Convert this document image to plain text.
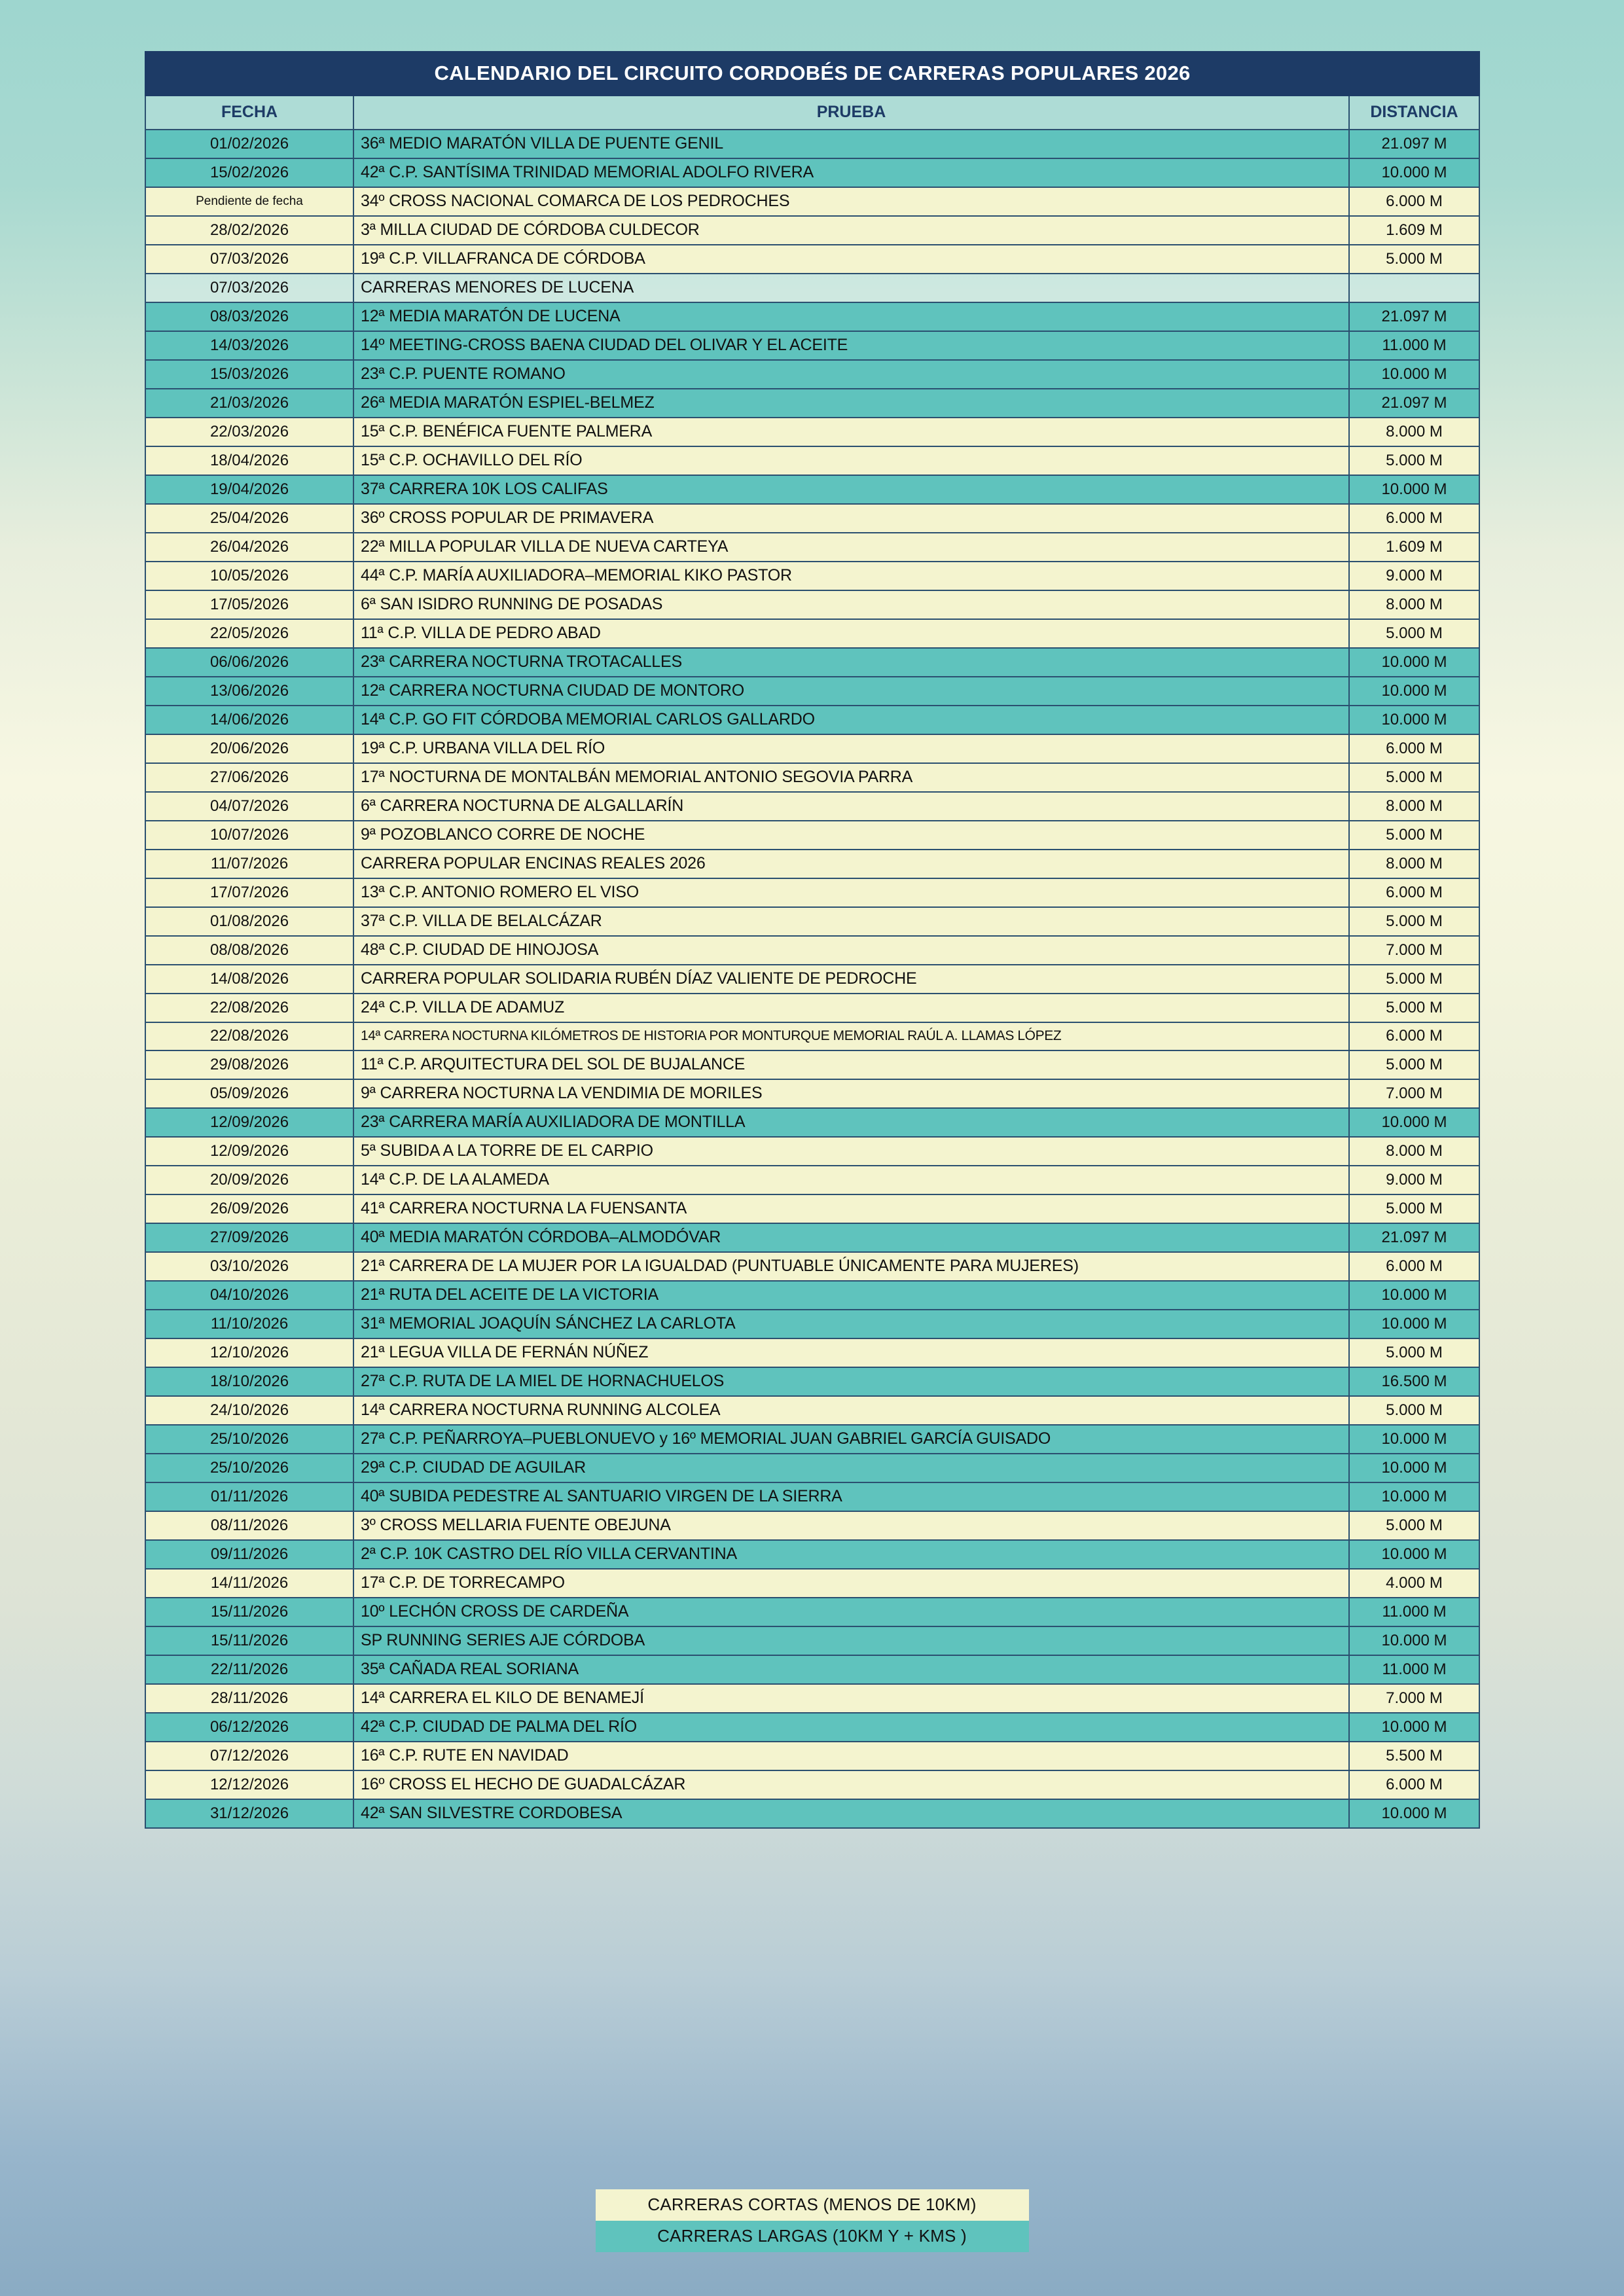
CALENDARIO DEL CIRCUITO CORDOBÉS DE CARRERAS POPULARES 2026		
FECHA	PRUEBA	DISTANCIA
01/02/2026	36ª MEDIO MARATÓN VILLA DE PUENTE GENIL	21.097 M
15/02/2026	42ª C.P. SANTÍSIMA TRINIDAD MEMORIAL ADOLFO RIVERA	10.000 M
Pendiente de fecha	34º CROSS NACIONAL COMARCA DE LOS PEDROCHES	6.000 M
28/02/2026	3ª MILLA CIUDAD DE CÓRDOBA CULDECOR	1.609 M
07/03/2026	19ª C.P. VILLAFRANCA DE CÓRDOBA	5.000 M
07/03/2026	CARRERAS MENORES DE LUCENA	
08/03/2026	12ª MEDIA MARATÓN DE LUCENA	21.097 M
14/03/2026	14º MEETING-CROSS BAENA CIUDAD DEL OLIVAR Y EL ACEITE	11.000 M
15/03/2026	23ª C.P. PUENTE ROMANO	10.000 M
21/03/2026	26ª MEDIA MARATÓN ESPIEL-BELMEZ	21.097 M
22/03/2026	15ª C.P. BENÉFICA FUENTE PALMERA	8.000 M
18/04/2026	15ª C.P. OCHAVILLO DEL RÍO	5.000 M
19/04/2026	37ª CARRERA 10K LOS CALIFAS	10.000 M
25/04/2026	36º CROSS POPULAR DE PRIMAVERA	6.000 M
26/04/2026	22ª MILLA POPULAR VILLA DE NUEVA CARTEYA	1.609 M
10/05/2026	44ª C.P. MARÍA AUXILIADORA–MEMORIAL KIKO PASTOR	9.000 M
17/05/2026	6ª SAN ISIDRO RUNNING DE POSADAS	8.000 M
22/05/2026	11ª C.P. VILLA DE PEDRO ABAD	5.000 M
06/06/2026	23ª CARRERA NOCTURNA TROTACALLES	10.000 M
13/06/2026	12ª CARRERA NOCTURNA CIUDAD DE MONTORO	10.000 M
14/06/2026	14ª C.P. GO FIT CÓRDOBA MEMORIAL CARLOS GALLARDO	10.000 M
20/06/2026	19ª C.P. URBANA VILLA DEL RÍO	6.000 M
27/06/2026	17ª NOCTURNA DE MONTALBÁN MEMORIAL ANTONIO SEGOVIA PARRA	5.000 M
04/07/2026	6ª CARRERA NOCTURNA DE ALGALLARÍN	8.000 M
10/07/2026	9ª POZOBLANCO CORRE DE NOCHE	5.000 M
11/07/2026	CARRERA POPULAR ENCINAS REALES 2026	8.000 M
17/07/2026	13ª C.P. ANTONIO ROMERO EL VISO	6.000 M
01/08/2026	37ª C.P. VILLA DE BELALCÁZAR	5.000 M
08/08/2026	48ª C.P. CIUDAD DE HINOJOSA	7.000 M
14/08/2026	CARRERA POPULAR SOLIDARIA RUBÉN DÍAZ VALIENTE DE PEDROCHE	5.000 M
22/08/2026	24ª C.P. VILLA DE ADAMUZ	5.000 M
22/08/2026	14ª CARRERA NOCTURNA KILÓMETROS DE HISTORIA POR MONTURQUE MEMORIAL RAÚL A. LLAMAS LÓPEZ	6.000 M
29/08/2026	11ª C.P. ARQUITECTURA DEL SOL DE BUJALANCE	5.000 M
05/09/2026	9ª CARRERA NOCTURNA LA VENDIMIA DE MORILES	7.000 M
12/09/2026	23ª CARRERA MARÍA AUXILIADORA DE MONTILLA	10.000 M
12/09/2026	5ª SUBIDA A LA TORRE DE EL CARPIO	8.000 M
20/09/2026	14ª C.P. DE LA ALAMEDA	9.000 M
26/09/2026	41ª CARRERA NOCTURNA LA FUENSANTA	5.000 M
27/09/2026	40ª MEDIA MARATÓN CÓRDOBA–ALMODÓVAR	21.097 M
03/10/2026	21ª CARRERA DE LA MUJER POR LA IGUALDAD (PUNTUABLE ÚNICAMENTE PARA MUJERES)	6.000 M
04/10/2026	21ª RUTA DEL ACEITE DE LA VICTORIA	10.000 M
11/10/2026	31ª MEMORIAL JOAQUÍN SÁNCHEZ LA CARLOTA	10.000 M
12/10/2026	21ª LEGUA VILLA DE FERNÁN NÚÑEZ	5.000 M
18/10/2026	27ª C.P. RUTA DE LA MIEL DE HORNACHUELOS	16.500 M
24/10/2026	14ª CARRERA NOCTURNA RUNNING ALCOLEA	5.000 M
25/10/2026	27ª C.P. PEÑARROYA–PUEBLONUEVO y 16º MEMORIAL JUAN GABRIEL GARCÍA GUISADO	10.000 M
25/10/2026	29ª C.P. CIUDAD DE AGUILAR	10.000 M
01/11/2026	40ª SUBIDA PEDESTRE AL SANTUARIO VIRGEN DE LA SIERRA	10.000 M
08/11/2026	3º CROSS MELLARIA FUENTE OBEJUNA	5.000 M
09/11/2026	2ª C.P. 10K CASTRO DEL RÍO VILLA CERVANTINA	10.000 M
14/11/2026	17ª C.P. DE TORRECAMPO	4.000 M
15/11/2026	10º LECHÓN CROSS DE CARDEÑA	11.000 M
15/11/2026	SP RUNNING SERIES AJE CÓRDOBA	10.000 M
22/11/2026	35ª CAÑADA REAL SORIANA	11.000 M
28/11/2026	14ª CARRERA EL KILO DE BENAMEJÍ	7.000 M
06/12/2026	42ª C.P. CIUDAD DE PALMA DEL RÍO	10.000 M
07/12/2026	16ª C.P. RUTE EN NAVIDAD	5.500 M
12/12/2026	16º CROSS EL HECHO DE GUADALCÁZAR	6.000 M
31/12/2026	42ª SAN SILVESTRE CORDOBESA	10.000 M
CARRERAS CORTAS (MENOS DE 10KM)
CARRERAS LARGAS (10KM Y + KMS )
